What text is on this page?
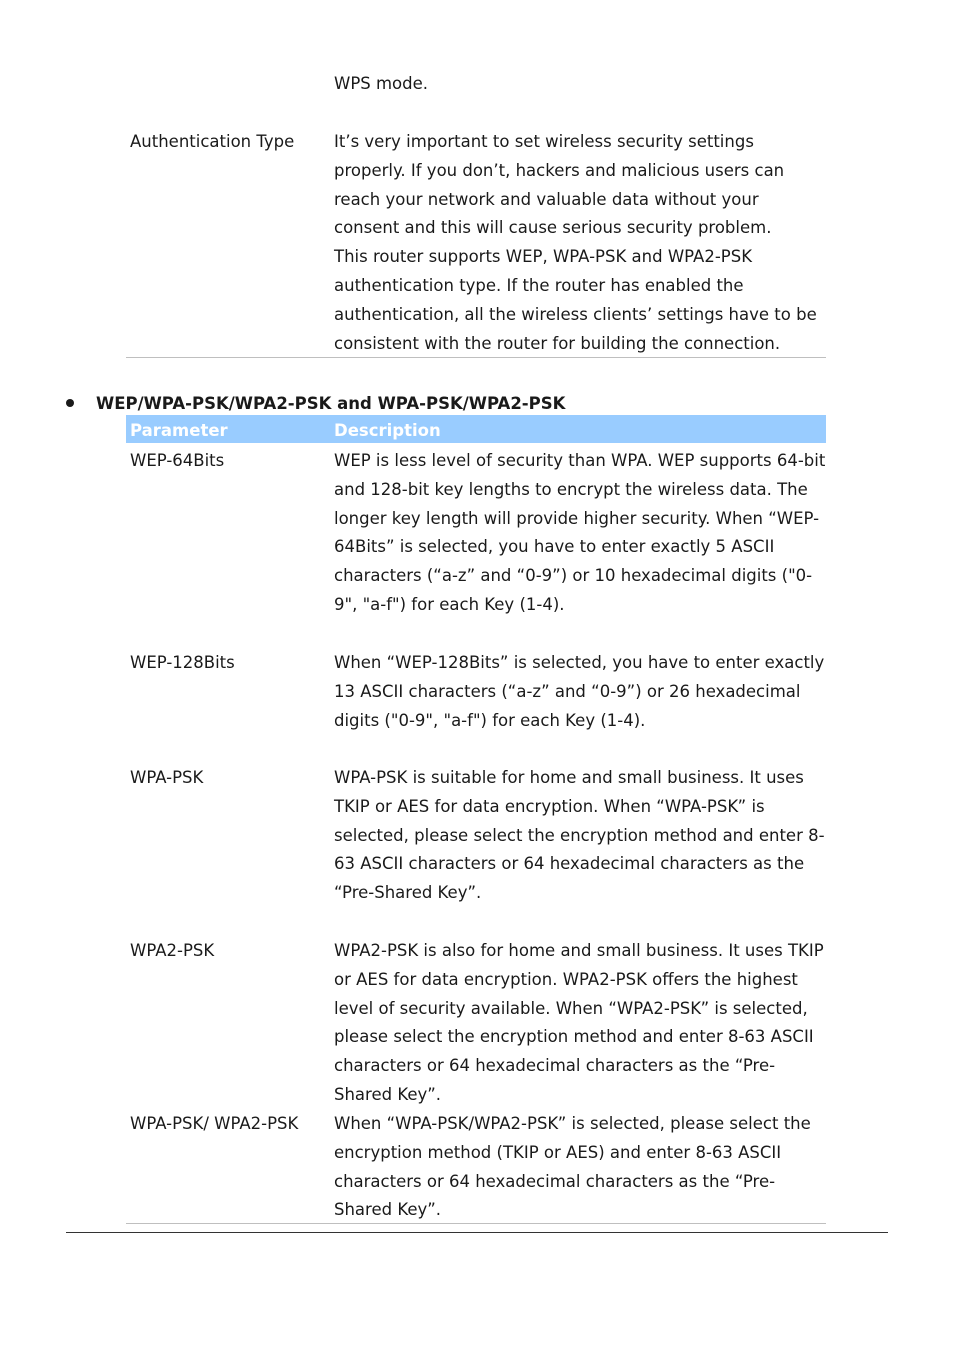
WPS mode.
Authentication Type	It’s very important to set wireless security settings properly. If you don’t, hackers and malicious users can reach your network and valuable data without your consent and this will cause serious security problem.

This router supports WEP, WPA-PSK and WPA2-PSK authentication type. If the router has enabled the authentication, all the wireless clients’ settings have to be consistent with the router for building the connection.

WEP/WPA-PSK/WPA2-PSK and WPA-PSK/WPA2-PSK
Parameter	Description
WEP-64Bits	WEP is less level of security than WPA. WEP supports 64-bit and 128-bit key lengths to encrypt the wireless data. The longer key length will provide higher security. When “WEP-64Bits” is selected, you have to enter exactly 5 ASCII characters (“a-z” and “0-9”) or 10 hexadecimal digits ("0-9", "a-f") for each Key (1-4).
WEP-128Bits	When “WEP-128Bits” is selected, you have to enter exactly 13 ASCII characters (“a-z” and “0-9”) or 26 hexadecimal digits ("0-9", "a-f") for each Key (1-4).
WPA-PSK	WPA-PSK is suitable for home and small business. It uses TKIP or AES for data encryption. When “WPA-PSK” is selected, please select the encryption method and enter 8-63 ASCII characters or 64 hexadecimal characters as the “Pre-Shared Key”.
WPA2-PSK	WPA2-PSK is also for home and small business. It uses TKIP or AES for data encryption. WPA2-PSK offers the highest level of security available. When “WPA2-PSK” is selected, please select the encryption method and enter 8-63 ASCII characters or 64 hexadecimal characters as the “Pre-Shared Key”.
WPA-PSK/ WPA2-PSK	When “WPA-PSK/WPA2-PSK” is selected, please select the encryption method (TKIP or AES) and enter 8-63 ASCII characters or 64 hexadecimal characters as the “Pre-Shared Key”.
